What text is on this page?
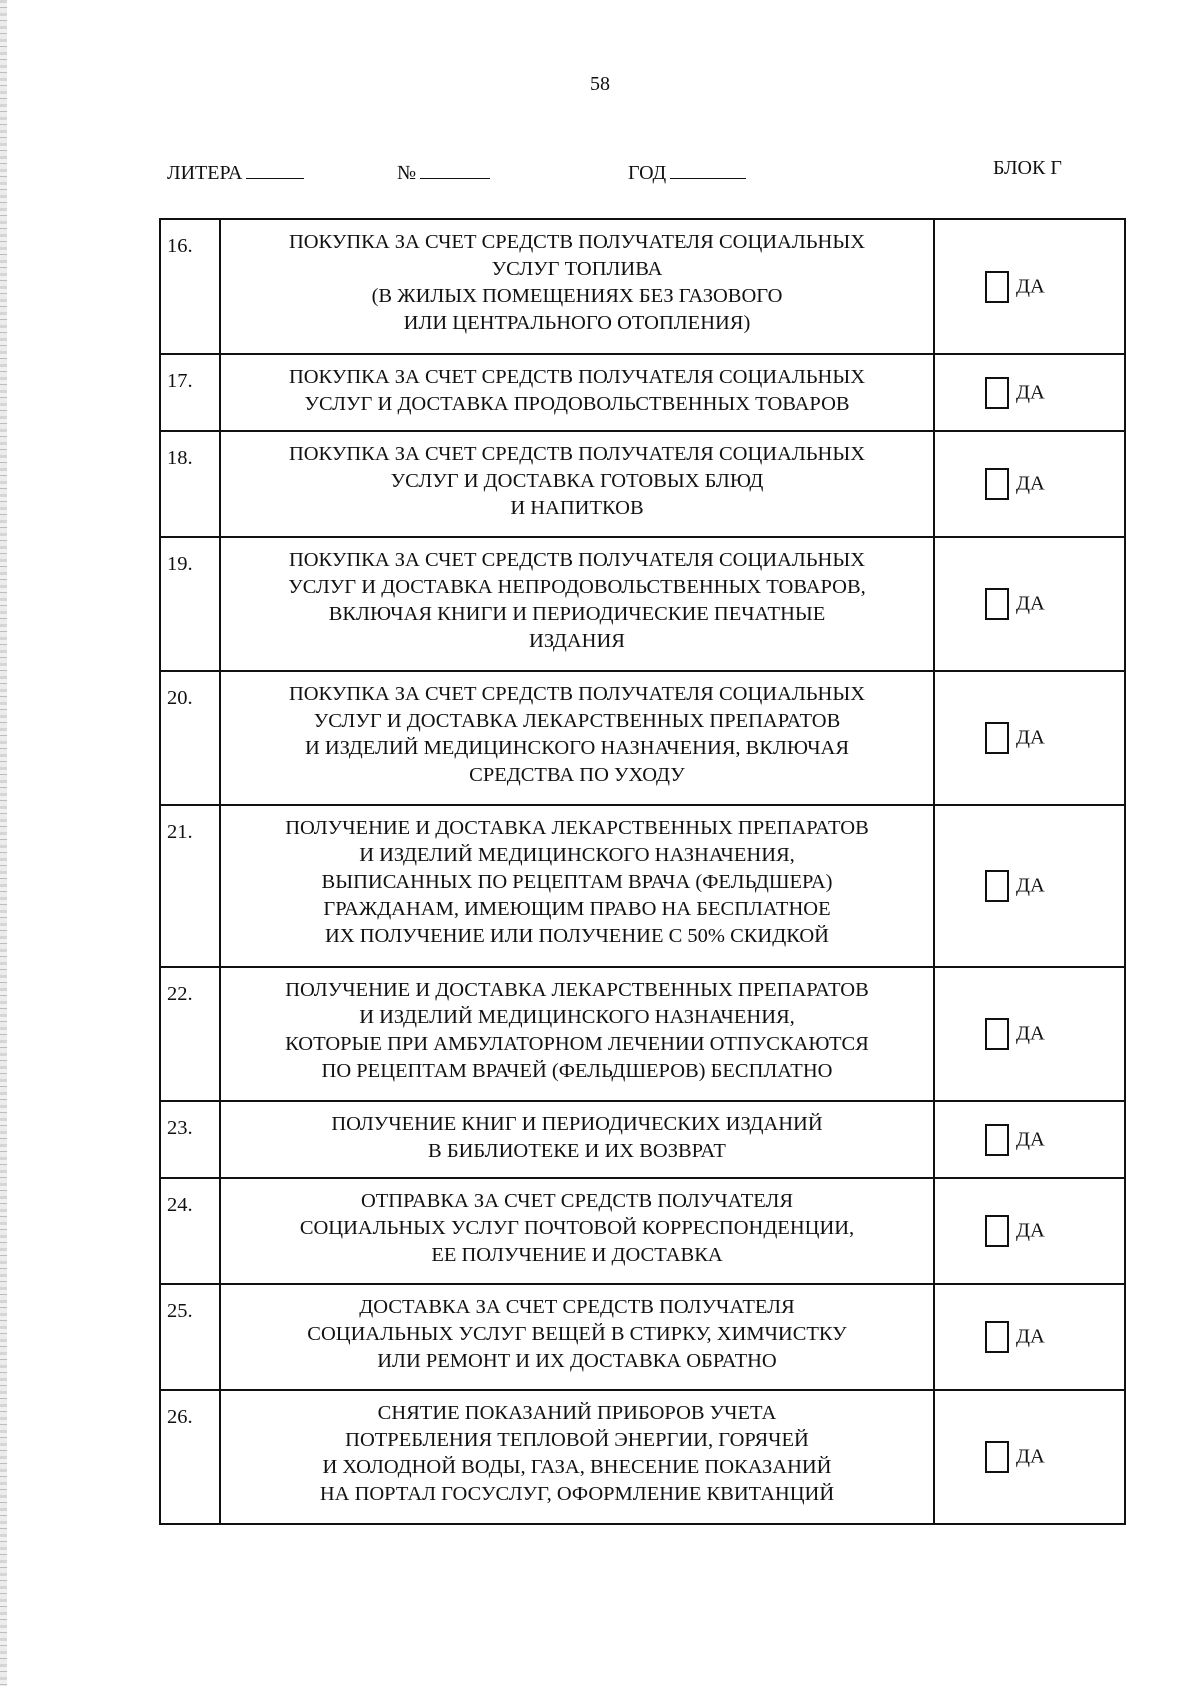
58
ЛИТЕРА	№	ГОД	БЛОК Г
16.	ПОКУПКА ЗА СЧЕТ СРЕДСТВ ПОЛУЧАТЕЛЯ СОЦИАЛЬНЫХ
УСЛУГ ТОПЛИВА
(В ЖИЛЫХ ПОМЕЩЕНИЯХ БЕЗ ГАЗОВОГО
ИЛИ ЦЕНТРАЛЬНОГО ОТОПЛЕНИЯ)	ДА
17.	ПОКУПКА ЗА СЧЕТ СРЕДСТВ ПОЛУЧАТЕЛЯ СОЦИАЛЬНЫХ
УСЛУГ И ДОСТАВКА ПРОДОВОЛЬСТВЕННЫХ ТОВАРОВ	ДА
18.	ПОКУПКА ЗА СЧЕТ СРЕДСТВ ПОЛУЧАТЕЛЯ СОЦИАЛЬНЫХ
УСЛУГ И ДОСТАВКА ГОТОВЫХ БЛЮД
И НАПИТКОВ	ДА
19.	ПОКУПКА ЗА СЧЕТ СРЕДСТВ ПОЛУЧАТЕЛЯ СОЦИАЛЬНЫХ
УСЛУГ И ДОСТАВКА НЕПРОДОВОЛЬСТВЕННЫХ ТОВАРОВ,
ВКЛЮЧАЯ КНИГИ И ПЕРИОДИЧЕСКИЕ ПЕЧАТНЫЕ
ИЗДАНИЯ	ДА
20.	ПОКУПКА ЗА СЧЕТ СРЕДСТВ ПОЛУЧАТЕЛЯ СОЦИАЛЬНЫХ
УСЛУГ И ДОСТАВКА ЛЕКАРСТВЕННЫХ ПРЕПАРАТОВ
И ИЗДЕЛИЙ МЕДИЦИНСКОГО НАЗНАЧЕНИЯ, ВКЛЮЧАЯ
СРЕДСТВА ПО УХОДУ	ДА
21.	ПОЛУЧЕНИЕ И ДОСТАВКА ЛЕКАРСТВЕННЫХ ПРЕПАРАТОВ
И ИЗДЕЛИЙ МЕДИЦИНСКОГО НАЗНАЧЕНИЯ,
ВЫПИСАННЫХ ПО РЕЦЕПТАМ ВРАЧА (ФЕЛЬДШЕРА)
ГРАЖДАНАМ, ИМЕЮЩИМ ПРАВО НА БЕСПЛАТНОЕ
ИХ ПОЛУЧЕНИЕ ИЛИ ПОЛУЧЕНИЕ С 50% СКИДКОЙ	ДА
22.	ПОЛУЧЕНИЕ И ДОСТАВКА ЛЕКАРСТВЕННЫХ ПРЕПАРАТОВ
И ИЗДЕЛИЙ МЕДИЦИНСКОГО НАЗНАЧЕНИЯ,
КОТОРЫЕ ПРИ АМБУЛАТОРНОМ ЛЕЧЕНИИ ОТПУСКАЮТСЯ
ПО РЕЦЕПТАМ ВРАЧЕЙ (ФЕЛЬДШЕРОВ) БЕСПЛАТНО	ДА
23.	ПОЛУЧЕНИЕ КНИГ И ПЕРИОДИЧЕСКИХ ИЗДАНИЙ
В БИБЛИОТЕКЕ И ИХ ВОЗВРАТ	ДА
24.	ОТПРАВКА ЗА СЧЕТ СРЕДСТВ ПОЛУЧАТЕЛЯ
СОЦИАЛЬНЫХ УСЛУГ ПОЧТОВОЙ КОРРЕСПОНДЕНЦИИ,
ЕЕ ПОЛУЧЕНИЕ И ДОСТАВКА	ДА
25.	ДОСТАВКА ЗА СЧЕТ СРЕДСТВ ПОЛУЧАТЕЛЯ
СОЦИАЛЬНЫХ УСЛУГ ВЕЩЕЙ В СТИРКУ, ХИМЧИСТКУ
ИЛИ РЕМОНТ И ИХ ДОСТАВКА ОБРАТНО	ДА
26.	СНЯТИЕ ПОКАЗАНИЙ ПРИБОРОВ УЧЕТА
ПОТРЕБЛЕНИЯ ТЕПЛОВОЙ ЭНЕРГИИ, ГОРЯЧЕЙ
И ХОЛОДНОЙ ВОДЫ, ГАЗА, ВНЕСЕНИЕ ПОКАЗАНИЙ
НА ПОРТАЛ ГОСУСЛУГ, ОФОРМЛЕНИЕ КВИТАНЦИЙ	ДА
